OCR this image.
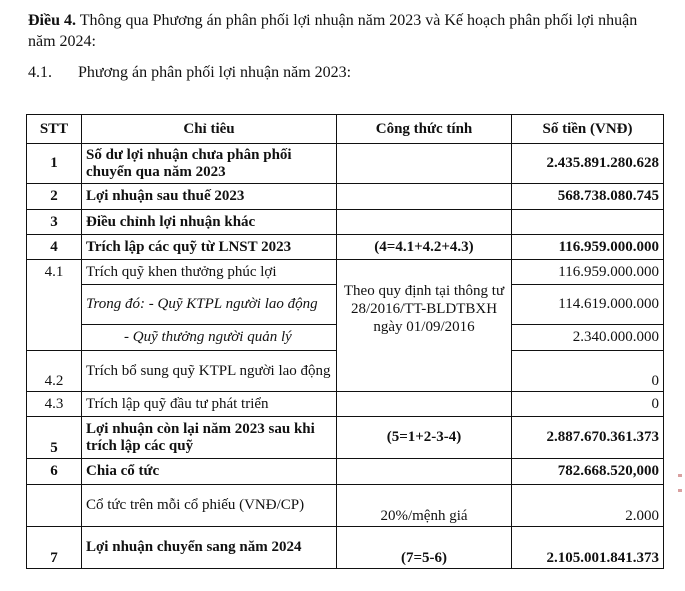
Điều 4. Thông qua Phương án phân phối lợi nhuận năm 2023 và Kế hoạch phân phối lợi nhuận năm 2024:

4.1. Phương án phân phối lợi nhuận năm 2023:

STT	Chỉ tiêu	Công thức tính	Số tiền (VNĐ)
1	Số dư lợi nhuận chưa phân phối chuyển qua năm 2023		2.435.891.280.628
2	Lợi nhuận sau thuế 2023		568.738.080.745
3	Điều chỉnh lợi nhuận khác		
4	Trích lập các quỹ từ LNST 2023	(4=4.1+4.2+4.3)	116.959.000.000
4.1	Trích quỹ khen thưởng phúc lợi	Theo quy định tại thông tư 28/2016/TT-BLDTBXH ngày 01/09/2016	116.959.000.000
	Trong đó: - Quỹ KTPL người lao động		114.619.000.000
	- Quỹ thưởng người quản lý		2.340.000.000
4.2	Trích bổ sung quỹ KTPL người lao động		0
4.3	Trích lập quỹ đầu tư phát triển		0
5	Lợi nhuận còn lại năm 2023 sau khi trích lập các quỹ	(5=1+2-3-4)	2.887.670.361.373
6	Chia cổ tức		782.668.520,000
	Cổ tức trên mỗi cổ phiếu (VNĐ/CP)	20%/mệnh giá	2.000
7	Lợi nhuận chuyển sang năm 2024	(7=5-6)	2.105.001.841.373
